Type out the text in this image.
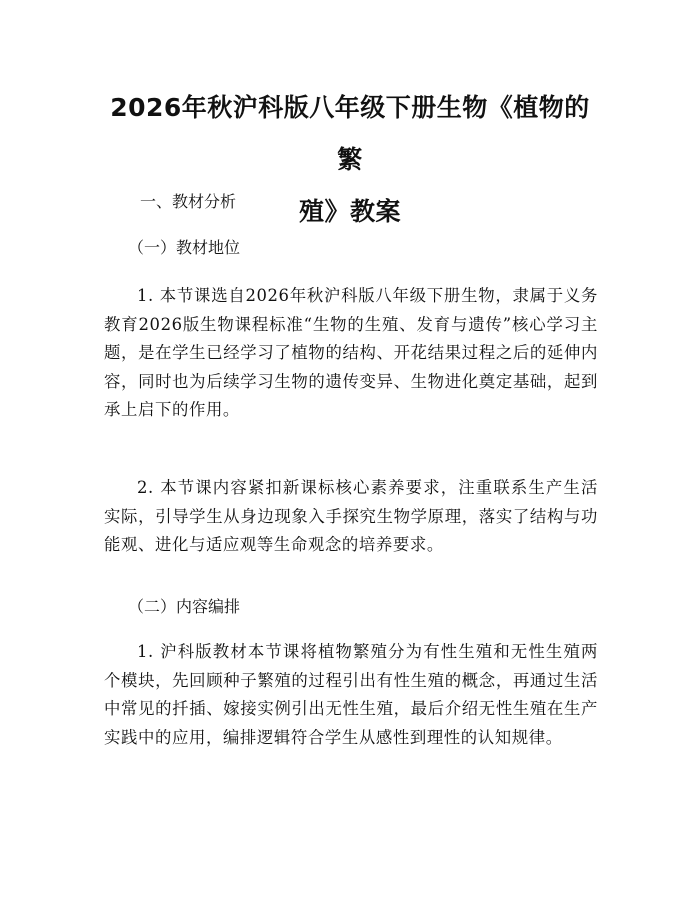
2026年秋沪科版八年级下册生物《植物的繁
殖》教案

一、教材分析

（一）教材地位

1. 本节课选自2026年秋沪科版八年级下册生物，隶属于义务教育2026版生物课程标准“生物的生殖、发育与遗传”核心学习主题，是在学生已经学习了植物的结构、开花结果过程之后的延伸内容，同时也为后续学习生物的遗传变异、生物进化奠定基础，起到承上启下的作用。

2. 本节课内容紧扣新课标核心素养要求，注重联系生产生活实际，引导学生从身边现象入手探究生物学原理，落实了结构与功能观、进化与适应观等生命观念的培养要求。

（二）内容编排

1. 沪科版教材本节课将植物繁殖分为有性生殖和无性生殖两个模块，先回顾种子繁殖的过程引出有性生殖的概念，再通过生活中常见的扦插、嫁接实例引出无性生殖，最后介绍无性生殖在生产实践中的应用，编排逻辑符合学生从感性到理性的认知规律。
